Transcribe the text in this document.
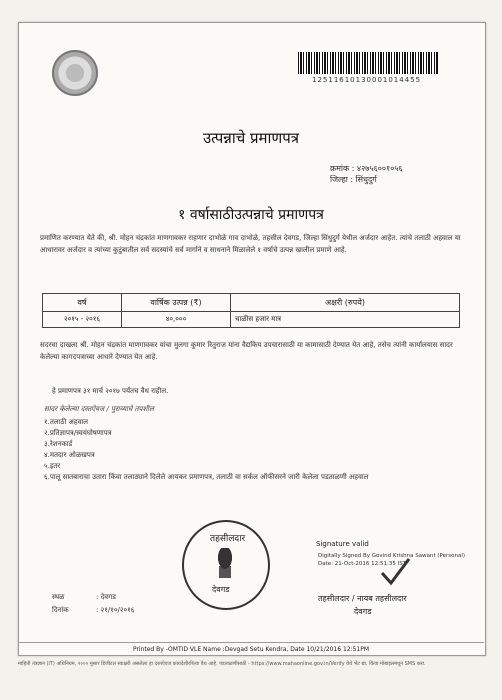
12511610130001014455
उत्पन्नाचे प्रमाणपत्र
क्रमांक : ४२७५६००१०५६
जिल्हा : सिंधुदुर्ग
१ वर्षासाठीउत्पन्नाचे प्रमाणपत्र
प्रमाणित करण्यात येते की, श्री. मोहन चंद्रकांत माणगावकर राहणार दाभोळे गाव दाभोळे, तहसील देवगड, जिल्हा सिंधुदुर्ग येथील अर्जदार आहेत. त्यांचे तलाठी अहवाल या आधारावर अर्जदार व त्यांच्या कुटुंबातील सर्व सदस्यांचे सर्व मार्गाने व साधनाने मिळालेले १ वर्षाचे उत्पन्न खालील प्रमाणे आहे.
वर्ष	वार्षिक उत्पन्न (₹)	अक्षरी (रुपये)
२०१५ - २०१६	४०,०००	चाळीस हजार मात्र
सदरचा दाखला श्री. मोहन चंद्रकांत माणगावकर यांचा मुलगा कुमार रितुराज यांना वैद्यकिय उपचारासाठी या कामासाठी देण्यात येत आहे, तसेच त्यांनी कार्यालयास सादर केलेल्या कागदपत्राच्या आधारे देण्यात येत आहे.
हे प्रमाणपत्र ३१ मार्च २०१७ पर्यंतच वैध राहील.
सादर केलेल्या दस्तऐवज / पुराव्याचे तपशील
१.तलाठी अहवाल
२.प्रतिज्ञापत्र/स्वयंघोषणापत्र
३.रेशनकार्ड
४.मतदार ओळखपत्र
५.इतर
६.पालू सातबाराचा उतारा किंवा तलाठ्याने दिलेले आयकर प्रमाणपत्र, तलाठी वा सर्कल ऑफीसरने जारी केलेला पडताळणी अहवाल
तहसीलदार
देवगड
Signature valid
Digitally Signed By Govind Krishna Sawant (Personal) Date: 21-Oct-2016 12:51:35 IST
तहसीलदार / नायब तहसीलदार
देवगड
स्थळ	: देवगड
दिनांक	: २१/१०/२०१६
Printed By -OMTID VLE Name :Devgad Setu Kendra, Date 10/21/2016 12:51PM
माहिती तंत्रज्ञान (IT) अधिनियम, २००० मुसार डिजीटल स्वाक्षरी असलेला हा दस्तऐवज कायदेशीररित्या वैध आहे. पडताळणीसाठी - https://www.mahaonline.gov.in/Verify येथे भेट द्या. किंवा मोबाइलमधून SMS करा.
